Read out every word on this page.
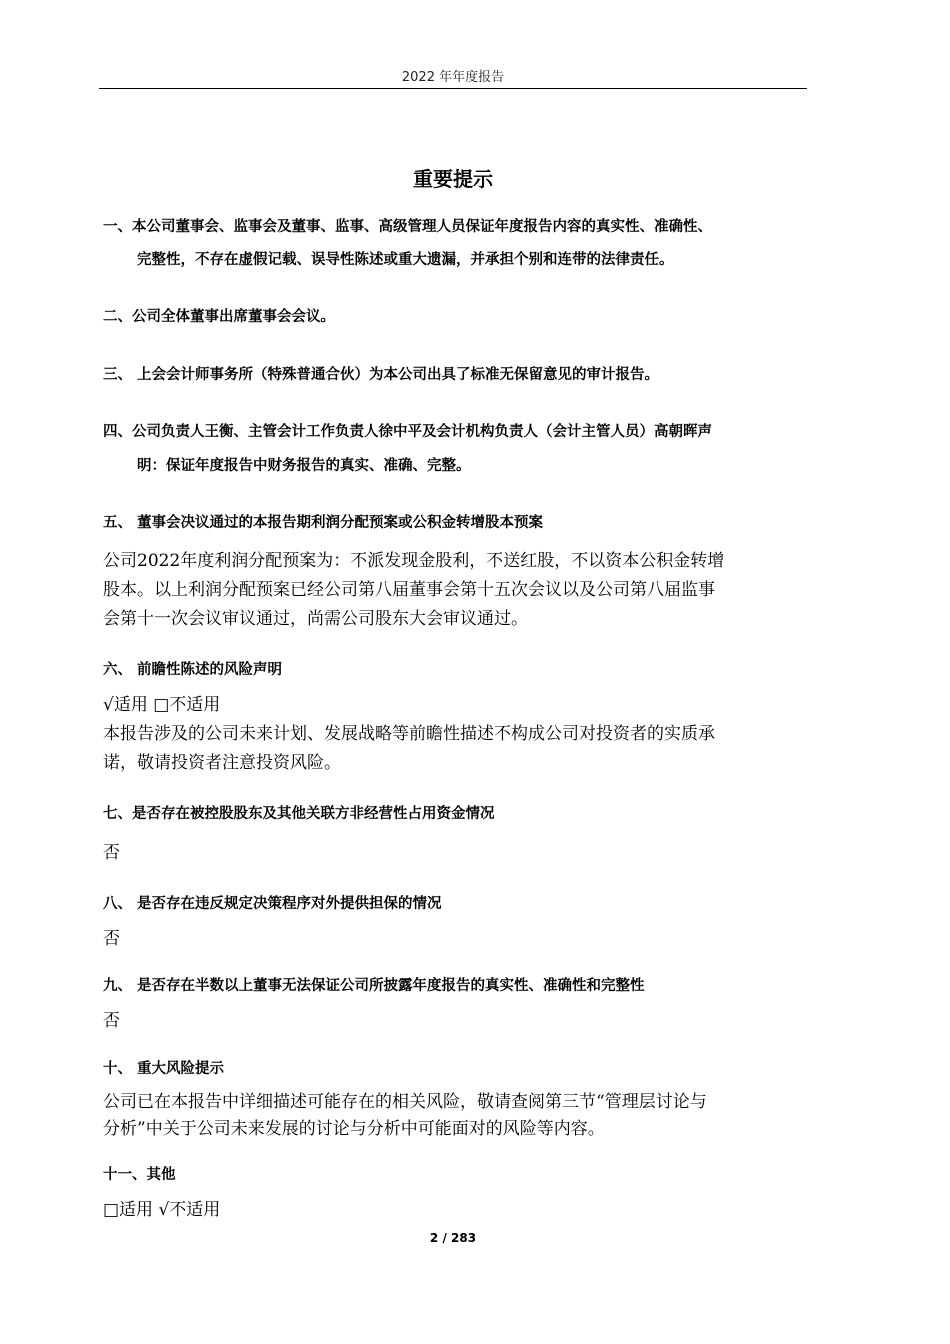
2022 年年度报告
重要提示

一、本公司董事会、监事会及董事、监事、高级管理人员保证年度报告内容的真实性、准确性、

完整性，不存在虚假记载、误导性陈述或重大遗漏，并承担个别和连带的法律责任。

二、公司全体董事出席董事会会议。

三、 上会会计师事务所（特殊普通合伙）为本公司出具了标准无保留意见的审计报告。

四、公司负责人王衡、主管会计工作负责人徐中平及会计机构负责人（会计主管人员）高朝晖声

明：保证年度报告中财务报告的真实、准确、完整。

五、 董事会决议通过的本报告期利润分配预案或公积金转增股本预案

公司2022年度利润分配预案为：不派发现金股利，不送红股，不以资本公积金转增

股本。以上利润分配预案已经公司第八届董事会第十五次会议以及公司第八届监事

会第十一次会议审议通过，尚需公司股东大会审议通过。

六、 前瞻性陈述的风险声明

√适用 □不适用

本报告涉及的公司未来计划、发展战略等前瞻性描述不构成公司对投资者的实质承

诺，敬请投资者注意投资风险。

七、是否存在被控股股东及其他关联方非经营性占用资金情况

否

八、 是否存在违反规定决策程序对外提供担保的情况

否

九、 是否存在半数以上董事无法保证公司所披露年度报告的真实性、准确性和完整性

否

十、 重大风险提示

公司已在本报告中详细描述可能存在的相关风险，敬请查阅第三节“管理层讨论与

分析”中关于公司未来发展的讨论与分析中可能面对的风险等内容。

十一、其他

□适用 √不适用

2 / 283
